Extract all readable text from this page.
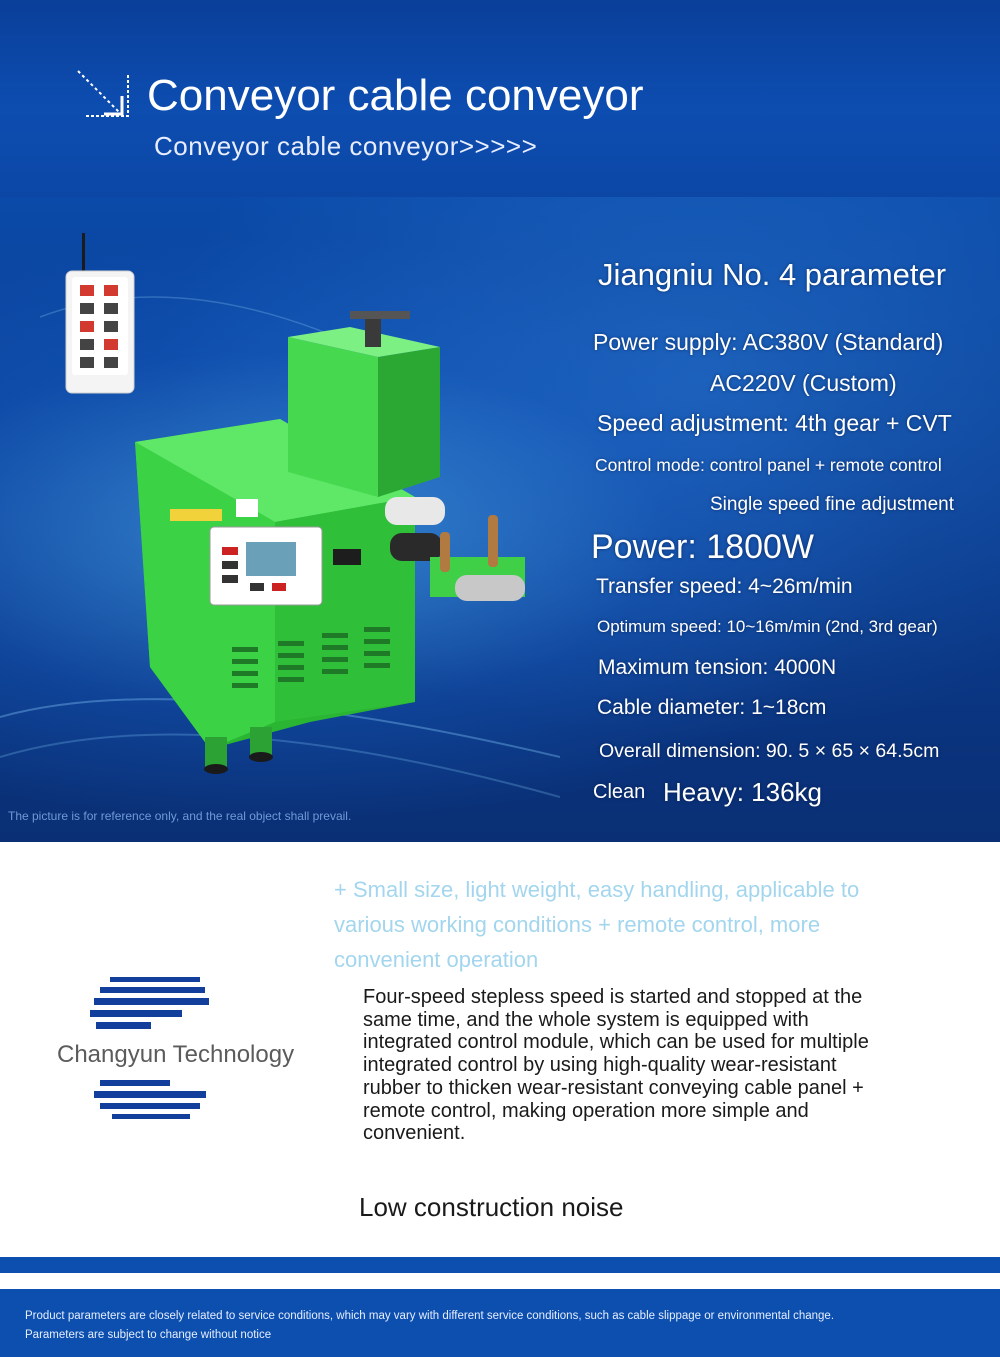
Conveyor cable conveyor
Conveyor cable conveyor>>>>>
Jiangniu No. 4 parameter
Power supply: AC380V (Standard)
AC220V (Custom)
Speed adjustment: 4th gear + CVT
Control mode: control panel + remote control
Single speed fine adjustment
Power: 1800W
Transfer speed: 4~26m/min
Optimum speed: 10~16m/min (2nd, 3rd gear)
Maximum tension: 4000N
Cable diameter: 1~18cm
Overall dimension: 90. 5 × 65 × 64.5cm
Clean Heavy: 136kg
The picture is for reference only, and the real object shall prevail.
+ Small size, light weight, easy handling, applicable to various working conditions + remote control, more convenient operation
Changyun Technology
Four-speed stepless speed is started and stopped at the same time, and the whole system is equipped with integrated control module, which can be used for multiple integrated control by using high-quality wear-resistant rubber to thicken wear-resistant conveying cable panel + remote control, making operation more simple and convenient.
Low construction noise
Product parameters are closely related to service conditions, which may vary with different service conditions, such as cable slippage or environmental change.
Parameters are subject to change without notice
